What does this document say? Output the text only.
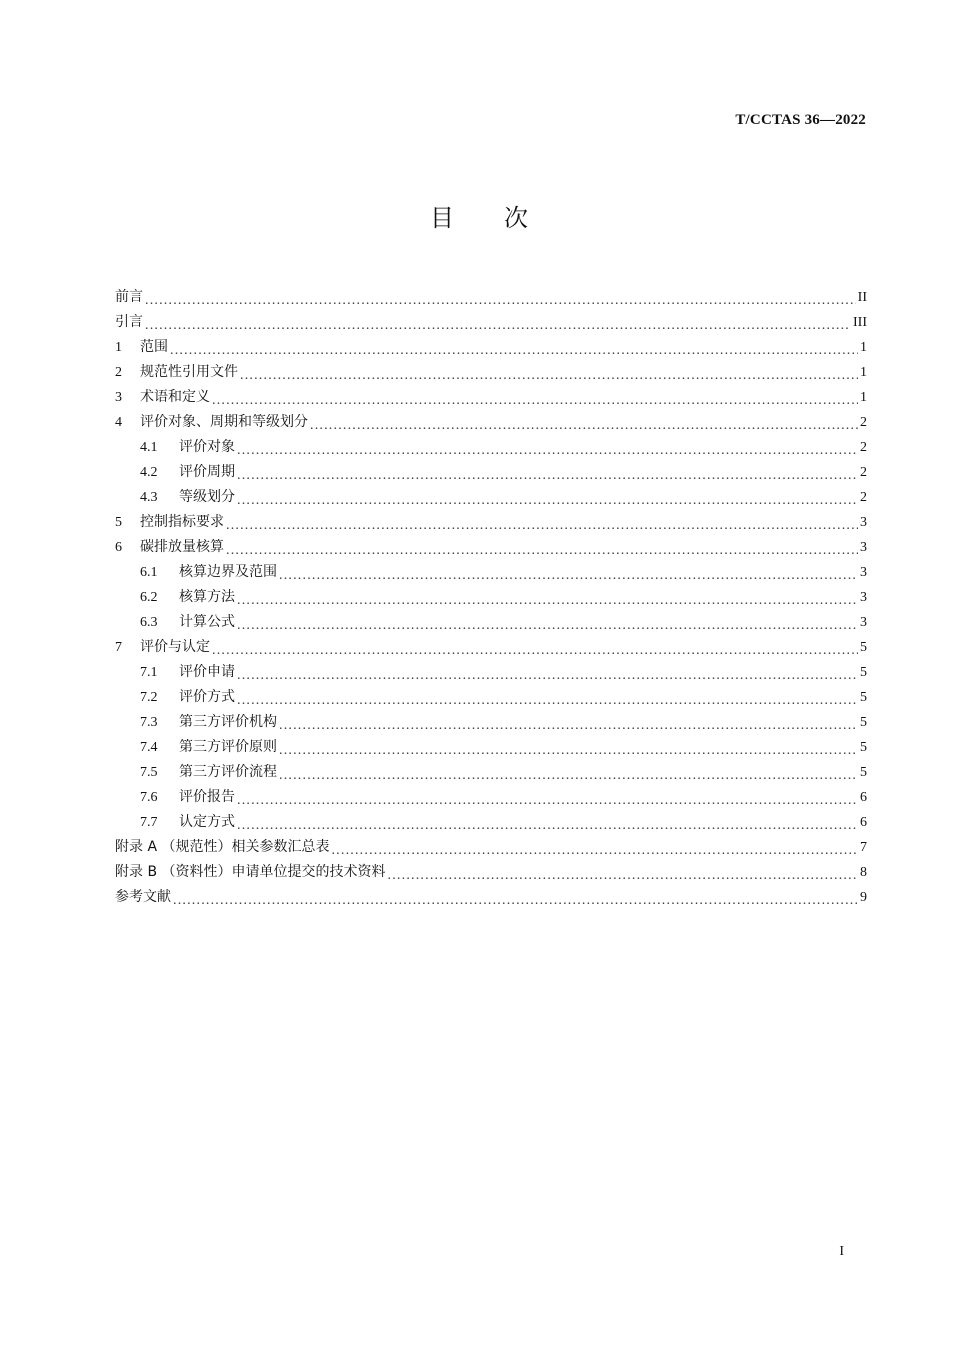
T/CCTAS 36—2022
目 次
前言 .....	II
引言 .....	III
1	范围 .....	1
2	规范性引用文件 .....	1
3	术语和定义 .....	1
4	评价对象、周期和等级划分 .....	2
4.1	评价对象 .....	2
4.2	评价周期 .....	2
4.3	等级划分 .....	2
5	控制指标要求 .....	3
6	碳排放量核算 .....	3
6.1	核算边界及范围 .....	3
6.2	核算方法 .....	3
6.3	计算公式 .....	3
7	评价与认定 .....	5
7.1	评价申请 .....	5
7.2	评价方式 .....	5
7.3	第三方评价机构 .....	5
7.4	第三方评价原则 .....	5
7.5	第三方评价流程 .....	5
7.6	评价报告 .....	6
7.7	认定方式 .....	6
附录 A （规范性）相关参数汇总表 .....	7
附录 B （资料性）申请单位提交的技术资料 .....	8
参考文献 .....	9
I
